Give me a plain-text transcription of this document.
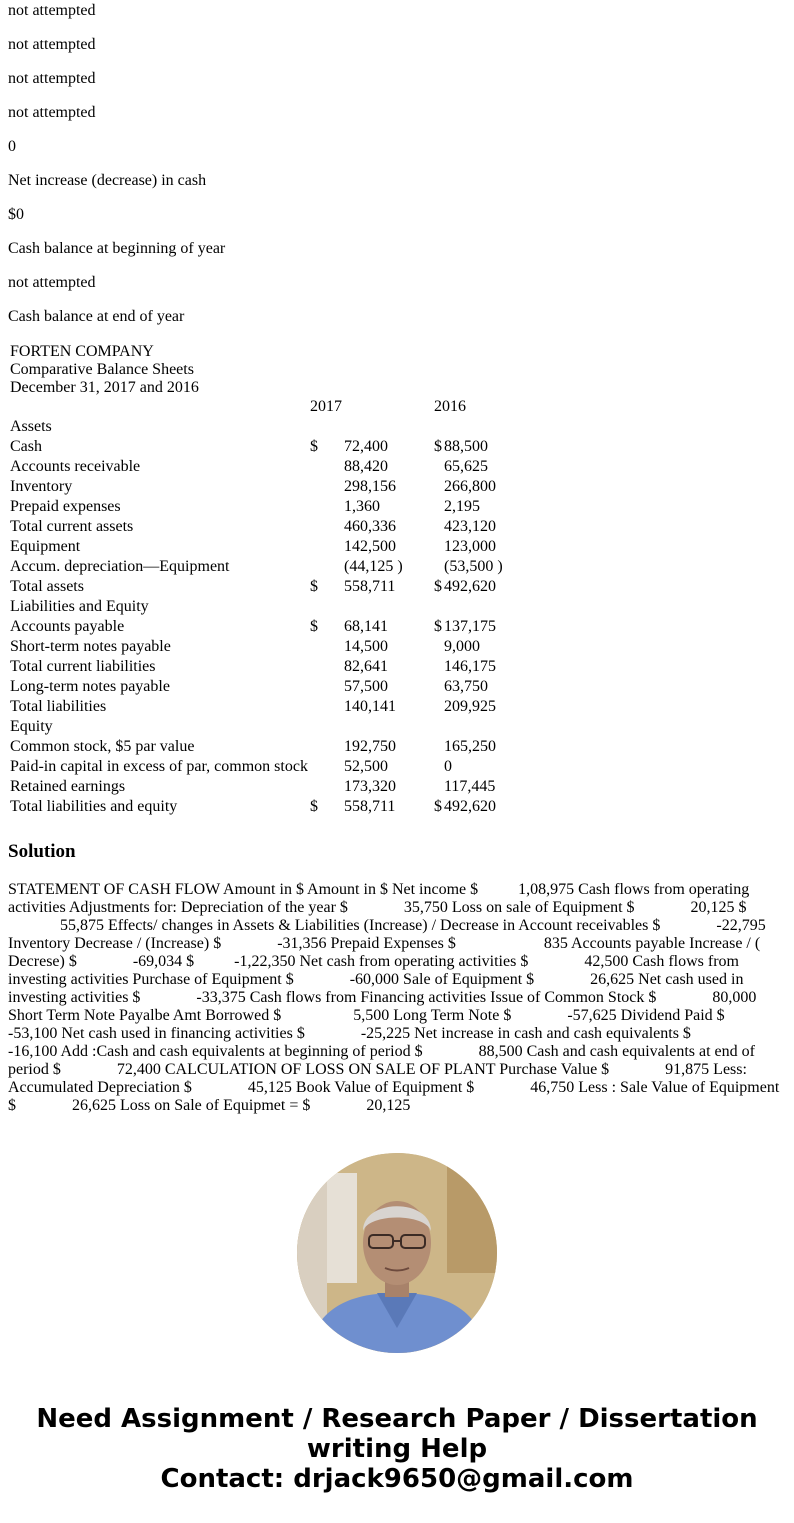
not attempted
not attempted
not attempted
not attempted
0
Net increase (decrease) in cash
$0
Cash balance at beginning of year
not attempted
Cash balance at end of year
FORTEN COMPANY
Comparative Balance Sheets
December 31, 2017 and 2016
	2017		2016	
Assets				
Cash	$	72,400	$	88,500
Accounts receivable		88,420		65,625
Inventory		298,156		266,800
Prepaid expenses		1,360		2,195
Total current assets		460,336		423,120
Equipment		142,500		123,000
Accum. depreciation—Equipment		(44,125 )		(53,500 )
Total assets	$	558,711	$	492,620
Liabilities and Equity				
Accounts payable	$	68,141	$	137,175
Short-term notes payable		14,500		9,000
Total current liabilities		82,641		146,175
Long-term notes payable		57,500		63,750
Total liabilities		140,141		209,925
Equity				
Common stock, $5 par value		192,750		165,250
Paid-in capital in excess of par, common stock		52,500		0
Retained earnings		173,320		117,445
Total liabilities and equity	$	558,711	$	492,620
Solution
STATEMENT OF CASH FLOW Amount in $ Amount in $ Net income $    1,08,975 Cash flows from operating activities Adjustments for: Depreciation of the year $     35,750 Loss on sale of Equipment $     20,125 $     55,875 Effects/ changes in Assets & Liabilities (Increase) / Decrease in Account receivables $     -22,795 Inventory Decrease / (Increase) $     -31,356 Prepaid Expenses $       835 Accounts payable Increase / ( Decrese) $     -69,034 $    -1,22,350 Net cash from operating activities $     42,500 Cash flows from investing activities Purchase of Equipment $     -60,000 Sale of Equipment $     26,625 Net cash used in investing activities $     -33,375 Cash flows from Financing activities Issue of Common Stock $     80,000 Short Term Note Payalbe Amt Borrowed $      5,500 Long Term Note $     -57,625 Dividend Paid $     -53,100 Net cash used in financing activities $     -25,225 Net increase in cash and cash equivalents $     -16,100 Add :Cash and cash equivalents at beginning of period $     88,500 Cash and cash equivalents at end of period $     72,400 CALCULATION OF LOSS ON SALE OF PLANT Purchase Value $     91,875 Less: Accumulated Depreciation $     45,125 Book Value of Equipment $     46,750 Less : Sale Value of Equipment $     26,625 Loss on Sale of Equipmet = $     20,125
Need Assignment / Research Paper / Dissertation
writing Help
Contact: drjack9650@gmail.com
